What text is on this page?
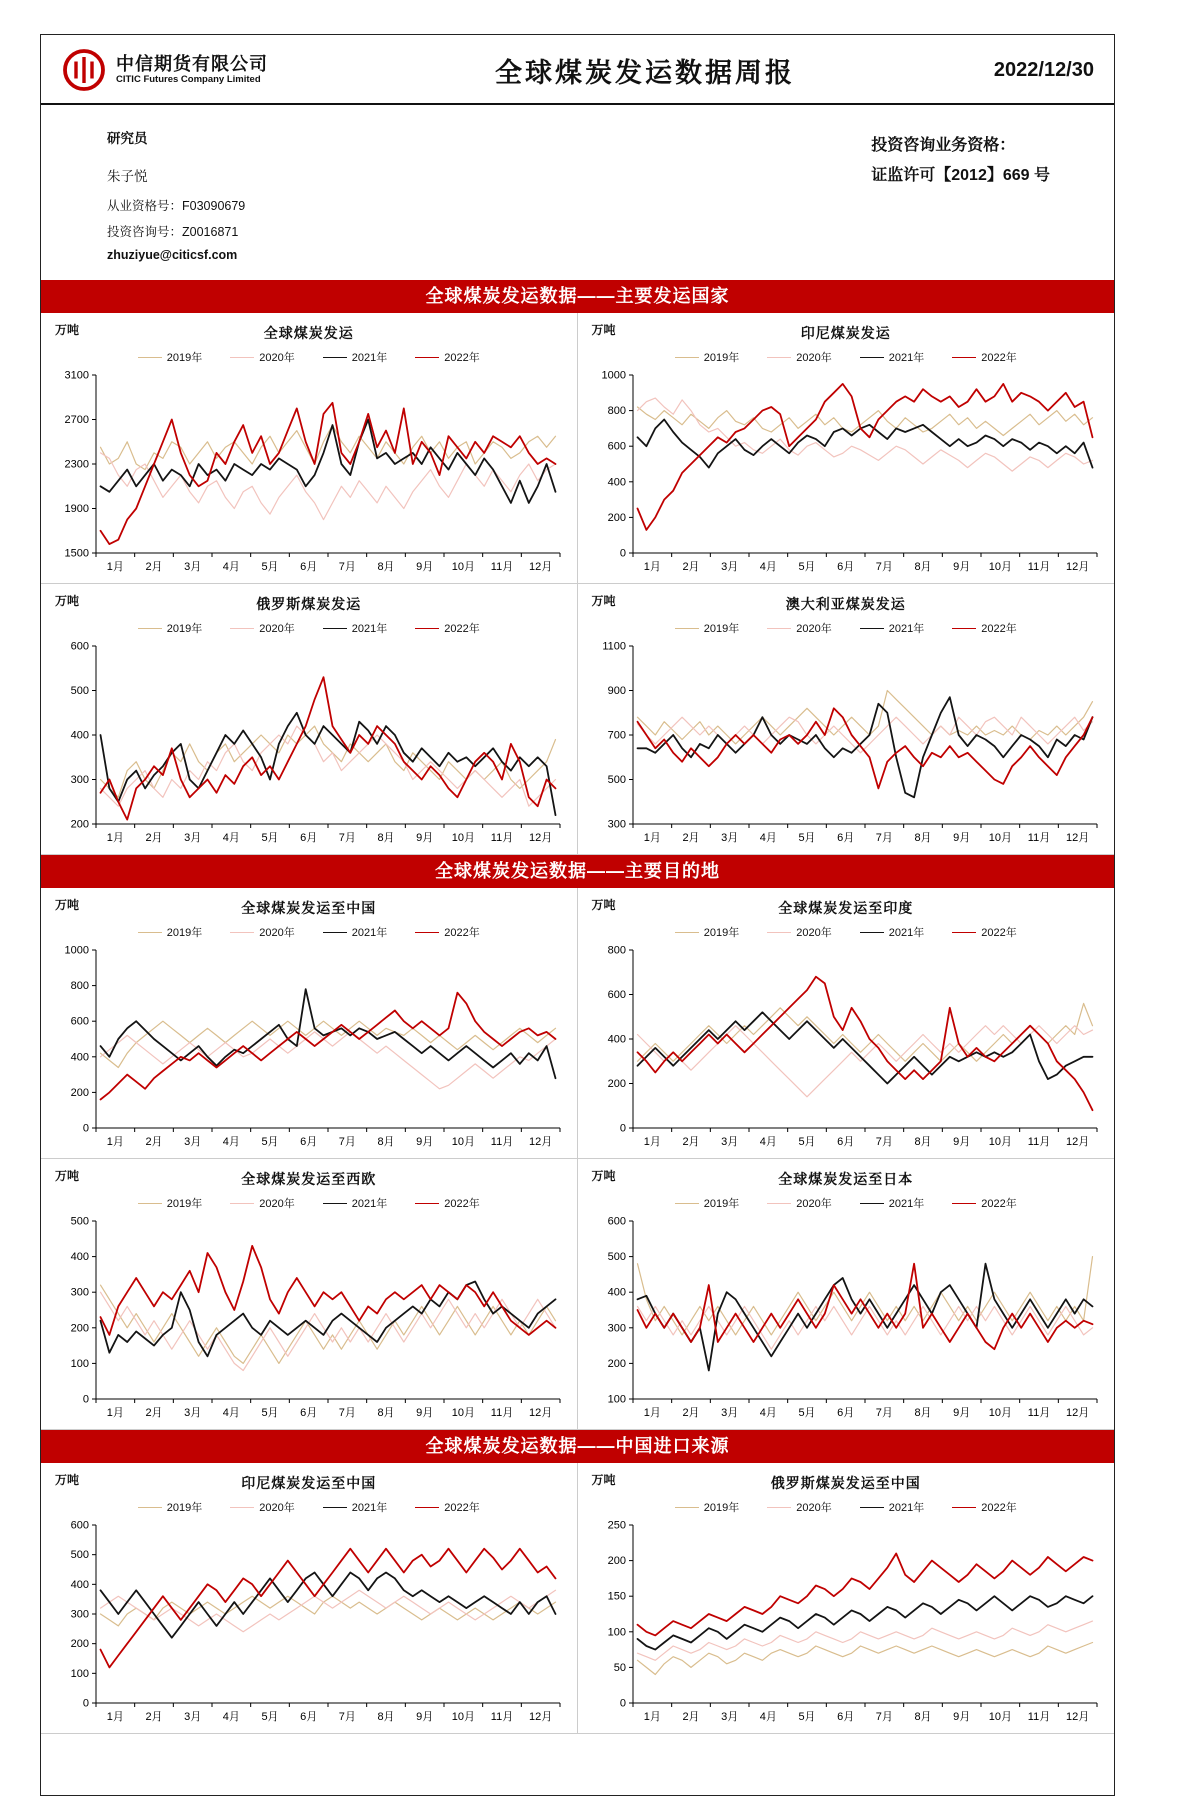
中信期货有限公司
CITIC Futures Company Limited	全球煤炭发运数据周报	2022/12/30
研究员
朱子悦
从业资格号：F03090679
投资咨询号：Z0016871
zhuziyue@citicsf.com
投资咨询业务资格：
证监许可【2012】669 号
全球煤炭发运数据——主要发运国家
万吨	全球煤炭发运
2019年	2020年	2021年	2022年
1500
1900
2300
2700
3100
1月 2月 3月 4月 5月 6月 7月 8月 9月 10月 11月 12月
万吨	印尼煤炭发运
2019年	2020年	2021年	2022年
0
200
400
600
800
1000
1月 2月 3月 4月 5月 6月 7月 8月 9月 10月 11月 12月
万吨	俄罗斯煤炭发运
2019年	2020年	2021年	2022年
200
300
400
500
600
1月 2月 3月 4月 5月 6月 7月 8月 9月 10月 11月 12月
万吨	澳大利亚煤炭发运
2019年	2020年	2021年	2022年
300
500
700
900
1100
1月 2月 3月 4月 5月 6月 7月 8月 9月 10月 11月 12月
全球煤炭发运数据——主要目的地
万吨	全球煤炭发运至中国
2019年	2020年	2021年	2022年
0
200
400
600
800
1000
1月 2月 3月 4月 5月 6月 7月 8月 9月 10月 11月 12月
万吨	全球煤炭发运至印度
2019年	2020年	2021年	2022年
0
200
400
600
800
1月 2月 3月 4月 5月 6月 7月 8月 9月 10月 11月 12月
万吨	全球煤炭发运至西欧
2019年	2020年	2021年	2022年
0
100
200
300
400
500
1月 2月 3月 4月 5月 6月 7月 8月 9月 10月 11月 12月
万吨	全球煤炭发运至日本
2019年	2020年	2021年	2022年
100
200
300
400
500
600
1月 2月 3月 4月 5月 6月 7月 8月 9月 10月 11月 12月
全球煤炭发运数据——中国进口来源
万吨	印尼煤炭发运至中国
2019年	2020年	2021年	2022年
0
100
200
300
400
500
600
1月 2月 3月 4月 5月 6月 7月 8月 9月 10月 11月 12月
万吨	俄罗斯煤炭发运至中国
2019年	2020年	2021年	2022年
0
50
100
150
200
250
1月 2月 3月 4月 5月 6月 7月 8月 9月 10月 11月 12月
